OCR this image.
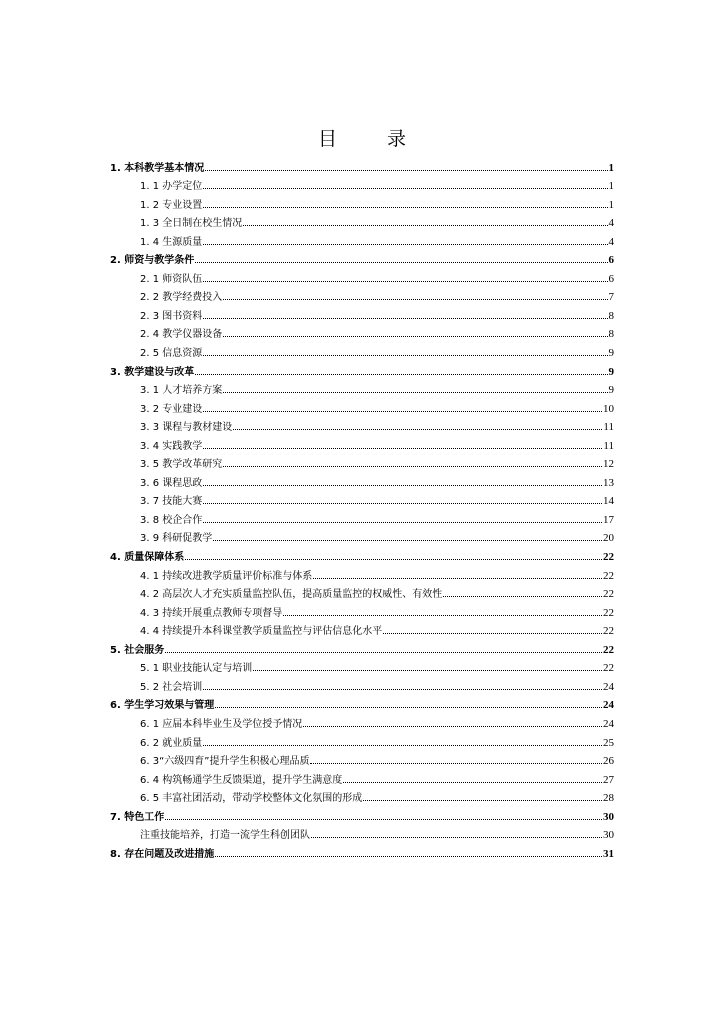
目 录
1. 本科教学基本情况	1
1. 1 办学定位	1
1. 2 专业设置	1
1. 3 全日制在校生情况	4
1. 4 生源质量	4
2. 师资与教学条件	6
2. 1 师资队伍	6
2. 2 教学经费投入	7
2. 3 图书资料	8
2. 4 教学仪器设备	8
2. 5 信息资源	9
3. 教学建设与改革	9
3. 1 人才培养方案	9
3. 2 专业建设	10
3. 3 课程与教材建设	11
3. 4 实践教学	11
3. 5 教学改革研究	12
3. 6 课程思政	13
3. 7 技能大赛	14
3. 8 校企合作	17
3. 9 科研促教学	20
4. 质量保障体系	22
4. 1 持续改进教学质量评价标准与体系	22
4. 2 高层次人才充实质量监控队伍，提高质量监控的权威性、有效性	22
4. 3 持续开展重点教师专项督导	22
4. 4 持续提升本科课堂教学质量监控与评估信息化水平	22
5. 社会服务	22
5. 1 职业技能认定与培训	22
5. 2 社会培训	24
6. 学生学习效果与管理	24
6. 1 应届本科毕业生及学位授予情况	24
6. 2 就业质量	25
6. 3“六级四育”提升学生积极心理品质	26
6. 4 构筑畅通学生反馈渠道，提升学生满意度	27
6. 5 丰富社团活动，带动学校整体文化氛围的形成	28
7. 特色工作	30
注重技能培养，打造一流学生科创团队	30
8. 存在问题及改进措施	31
